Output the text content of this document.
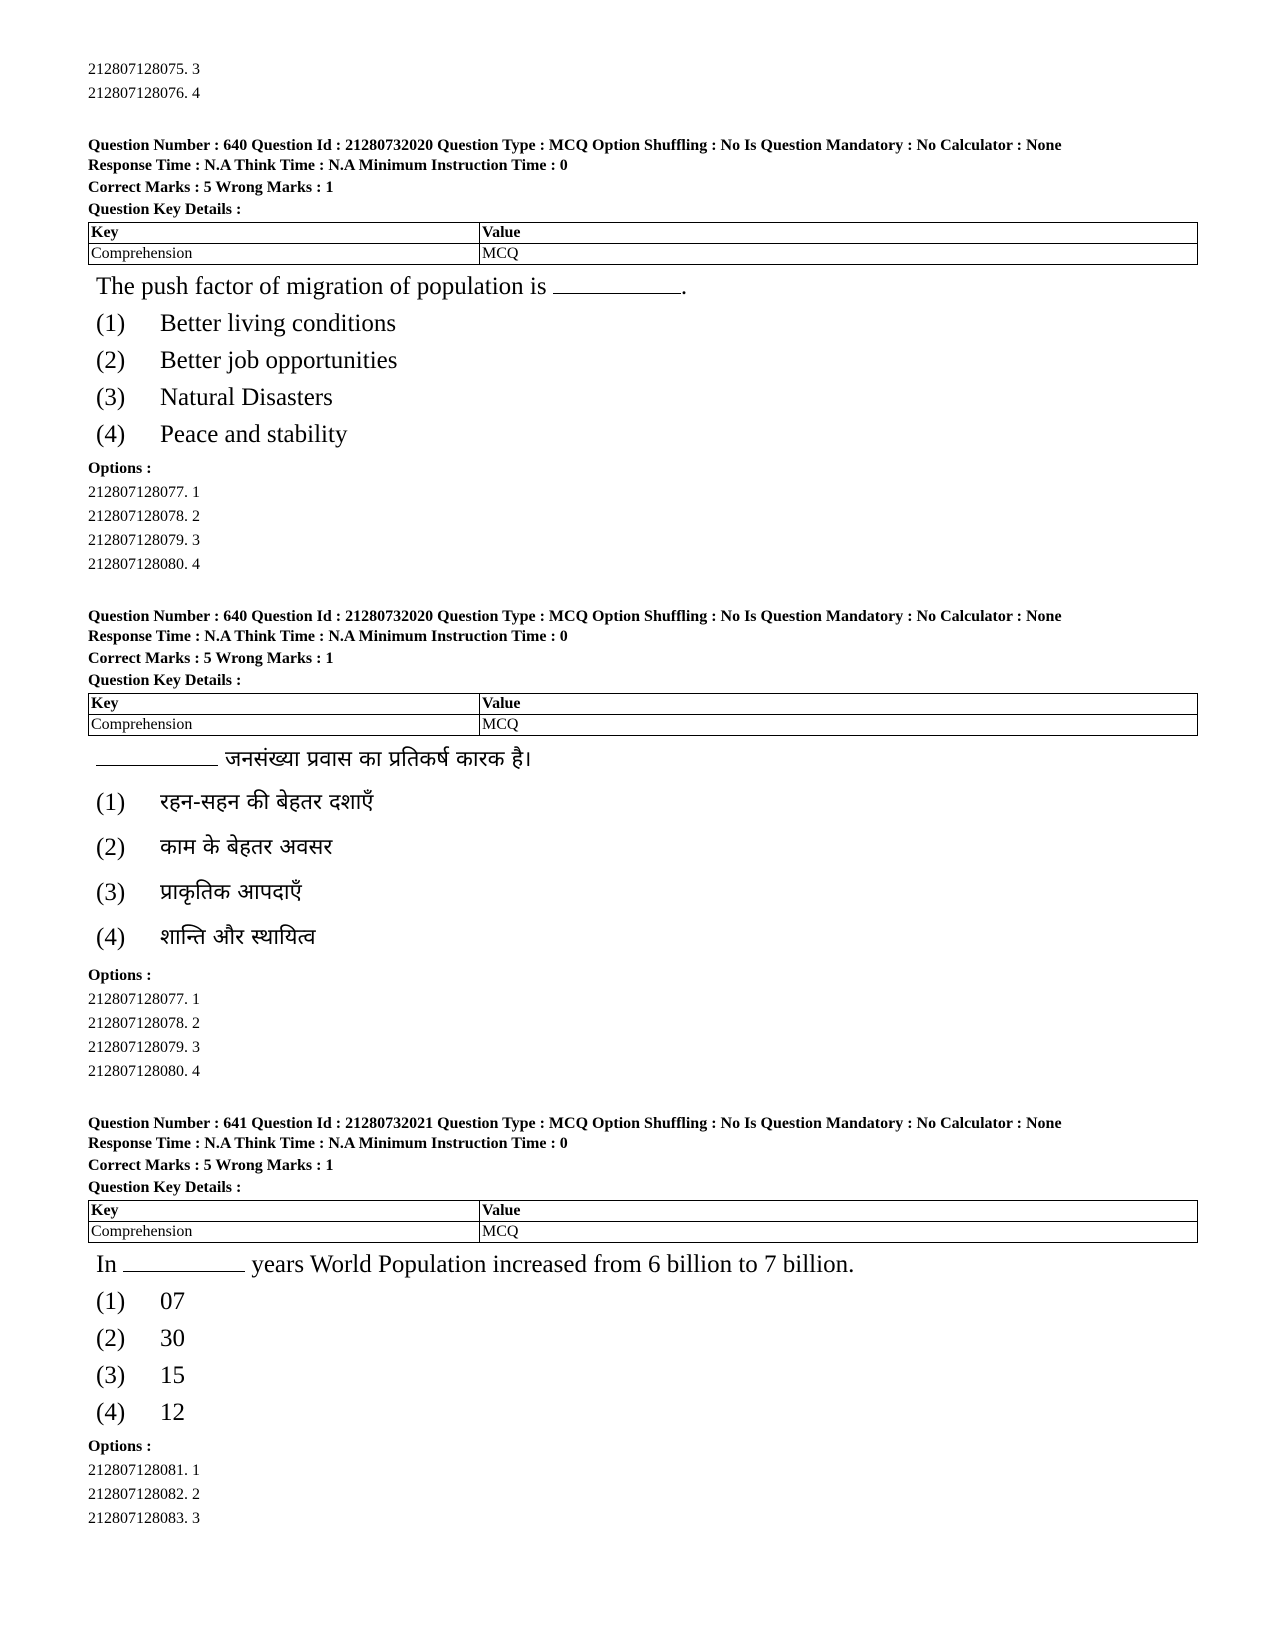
212807128075. 3
212807128076. 4
Question Number : 640 Question Id : 21280732020 Question Type : MCQ Option Shuffling : No Is Question Mandatory : No Calculator : None
Response Time : N.A Think Time : N.A Minimum Instruction Time : 0
Correct Marks : 5 Wrong Marks : 1
Question Key Details :
Key	Value
Comprehension	MCQ
The push factor of migration of population is	.
(1)	Better living conditions
(2)	Better job opportunities
(3)	Natural Disasters
(4)	Peace and stability
Options :
212807128077. 1
212807128078. 2
212807128079. 3
212807128080. 4
Question Number : 640 Question Id : 21280732020 Question Type : MCQ Option Shuffling : No Is Question Mandatory : No Calculator : None
Response Time : N.A Think Time : N.A Minimum Instruction Time : 0
Correct Marks : 5 Wrong Marks : 1
Question Key Details :
Key	Value
Comprehension	MCQ
जनसंख्या प्रवास का प्रतिकर्ष कारक है।
(1)	रहन-सहन की बेहतर दशाएँ
(2)	काम के बेहतर अवसर
(3)	प्राकृतिक आपदाएँ
(4)	शान्ति और स्थायित्व
Options :
212807128077. 1
212807128078. 2
212807128079. 3
212807128080. 4
Question Number : 641 Question Id : 21280732021 Question Type : MCQ Option Shuffling : No Is Question Mandatory : No Calculator : None
Response Time : N.A Think Time : N.A Minimum Instruction Time : 0
Correct Marks : 5 Wrong Marks : 1
Question Key Details :
Key	Value
Comprehension	MCQ
In	years World Population increased from 6 billion to 7 billion.
(1)	07
(2)	30
(3)	15
(4)	12
Options :
212807128081. 1
212807128082. 2
212807128083. 3
